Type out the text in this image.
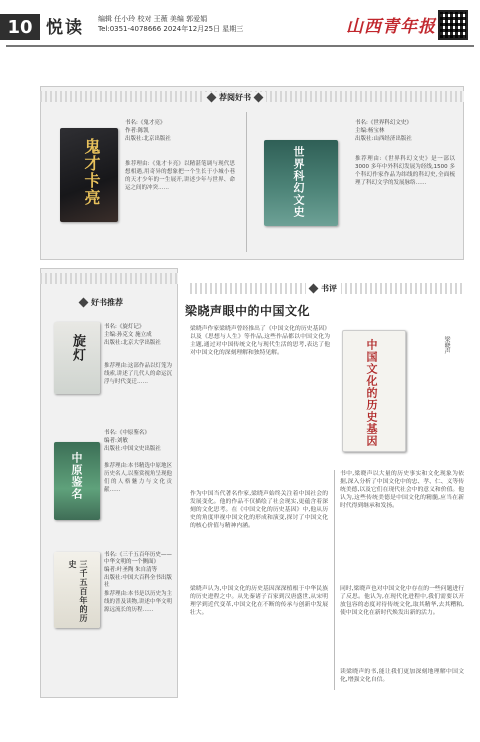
10 悦读 编辑 任小玲 校对 王薇 美编 郭爱娟
Tel:0351-4078666 2024年12月25日 星期三	山西青年报
荐阅好书
鬼才卡亮
书名:《鬼才亮》
作者:陈凯
出版社:北京出版社
推荐理由:《鬼才卡亮》以精湛笔调与现代思想相遇,用奇异的想象把一个生长于小城小巷的天才少年的一生展开,讲述少年与世界、命运之间的冲突……	世界科幻文史
书名:《世界科幻文史》
主编:杨宝林
出版社:山西经济出版社
推荐理由:《世界科幻文史》是一部以 3000 多年中外科幻发展为经线,1500 多个科幻作家作品为纬线的科幻史,全面梳理了科幻文学的发展脉络……
好书推荐
旋灯
书名:《旋灯记》
主编:孙克文 施立成
出版社:北京大学出版社
推荐理由:这部作品以灯笼为线索,讲述了几代人的命运沉浮与时代变迁……
中原鉴名
书名:《中原鉴名》
编者:刘敏
出版社:中国文史出版社
推荐理由:本书精选中原地区历史名人,以鉴赏视角呈现他们的人格魅力与文化贡献……
三千五百年的历史
书名:《三千五百年历史——中华文明的一个侧面》
编者:叶圣陶 朱自清等
出版社:中国大百科全书出版社
推荐理由:本书是以历史为主线的普及读物,讲述中华文明源远流长的历程……
书评
梁晓声眼中的中国文化
梁晓声作家梁晓声曾经推出了《中国文化的历史基因》以及《思想与人生》等作品,这些作品都以中国文化为主题,通过对中国传统文化与现代生活的思考,表达了他对中国文化的深刻理解和独特见解。	中国文化的历史基因	梁晓声
作为中国当代著名作家,梁晓声始终关注着中国社会的发展变化。他的作品不仅描绘了社会现实,更蕴含着深刻的文化思考。在《中国文化的历史基因》中,他从历史的角度审视中国文化的形成和演变,探讨了中国文化的核心价值与精神内涵。
梁晓声认为,中国文化的历史基因深深植根于中华民族的历史进程之中。从先秦诸子百家到汉唐盛世,从宋明理学到近代变革,中国文化在不断的传承与创新中发展壮大。
书中,梁晓声以大量的历史事实和文化现象为依据,深入分析了中国文化中的忠、孝、仁、义等传统美德,以及它们在现代社会中的意义和价值。他认为,这些传统美德是中国文化的精髓,应当在新时代得到继承和发扬。
同时,梁晓声也对中国文化中存在的一些问题进行了反思。他认为,在现代化进程中,我们需要以开放包容的态度对待传统文化,取其精华,去其糟粕,使中国文化在新时代焕发出新的活力。
读梁晓声的书,能让我们更加深刻地理解中国文化,增强文化自信。
